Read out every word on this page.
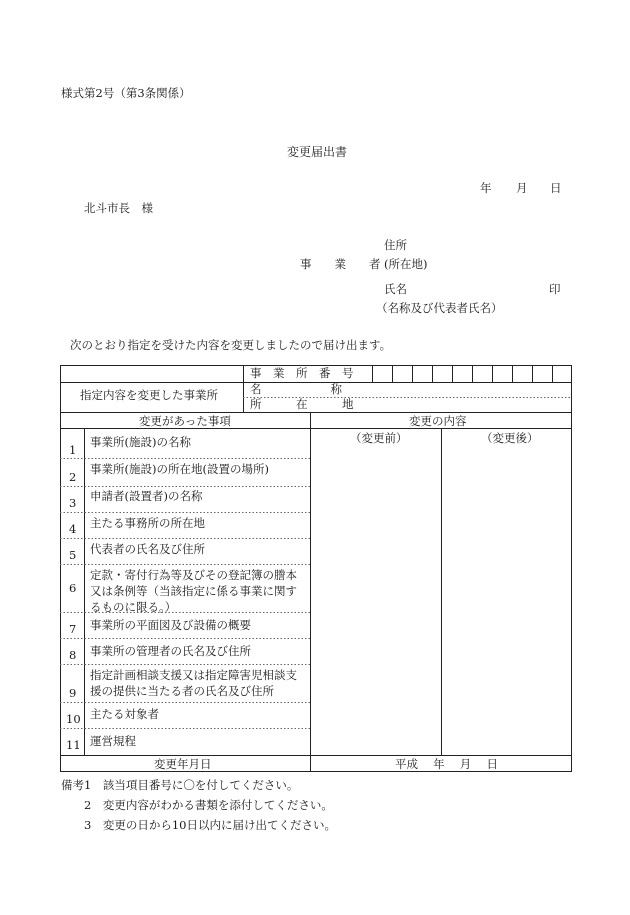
様式第2号（第3条関係）
変更届出書
年 月 日
北斗市長　様
住所
事　　業　　者 (所在地)
氏名	印
（名称及び代表者氏名）
次のとおり指定を受けた内容を変更しましたので届け出ます。
指定内容を変更した事業所
事　業　所　番　号
名　　　　　　称
所　　　在　　　地
変更があった事項	変更の内容
（変更前）	（変更後）
1
事業所(施設)の名称
2
事業所(施設)の所在地(設置の場所)
3 申請者(設置者)の名称
4 主たる事務所の所在地
5 代表者の氏名及び住所
6
定款・寄付行為等及びその登記簿の謄本又は条例等（当該指定に係る事業に関するものに限る。）
7 事業所の平面図及び設備の概要
8 事業所の管理者の氏名及び住所
9
指定計画相談支援又は指定障害児相談支援の提供に当たる者の氏名及び住所
10 主たる対象者
11 運営規程
変更年月日	平成　 年　 月　 日
備考1　該当項目番号に〇を付してください。
2　変更内容がわかる書類を添付してください。
3　変更の日から10日以内に届け出てください。
